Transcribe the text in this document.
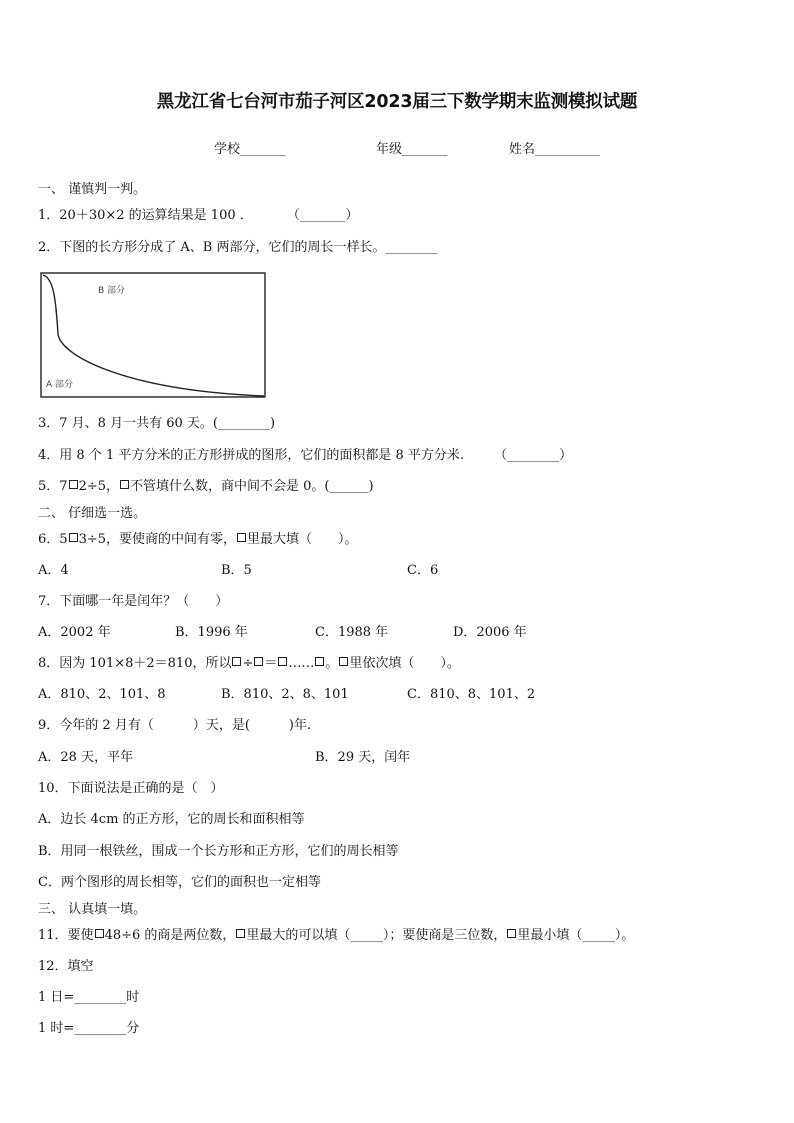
黑龙江省七台河市茄子河区2023届三下数学期末监测模拟试题
学校_______	年级_______	姓名__________
一、 谨慎判一判。
1．20＋30×2 的运算结果是 100 ．	（_______）
2．下图的长方形分成了 A、B 两部分，它们的周长一样长。________
B 部分
A 部分
3．7 月、8 月一共有 60 天。(________)
4．用 8 个 1 平方分米的正方形拼成的图形，它们的面积都是 8 平方分米. （________）
5．7 2÷5， 不管填什么数，商中间不会是 0。(______)
二、 仔细选一选。
6．5 3÷5，要使商的中间有零， 里最大填（　　）。
A．4	B．5	C．6
7．下面哪一年是闰年？（　　）
A．2002 年	B．1996 年	C．1988 年	D．2006 年
8．因为 101×8＋2＝810，所以 ÷ ＝ …… 。 里依次填（　　）。
A．810、2、101、8	B．810、2、8、101	C．810、8、101、2
9．今年的 2 月有（　　　）天，是(　　　)年.
A．28 天，平年	B．29 天，闰年
10．下面说法是正确的是（　）
A．边长 4cm 的正方形，它的周长和面积相等
B．用同一根铁丝，围成一个长方形和正方形，它们的周长相等
C．两个图形的周长相等，它们的面积也一定相等
三、 认真填一填。
11．要使 48÷6 的商是两位数， 里最大的可以填（_____）；要使商是三位数， 里最小填（_____）。
12．填空
1 日=________时
1 时=________分
